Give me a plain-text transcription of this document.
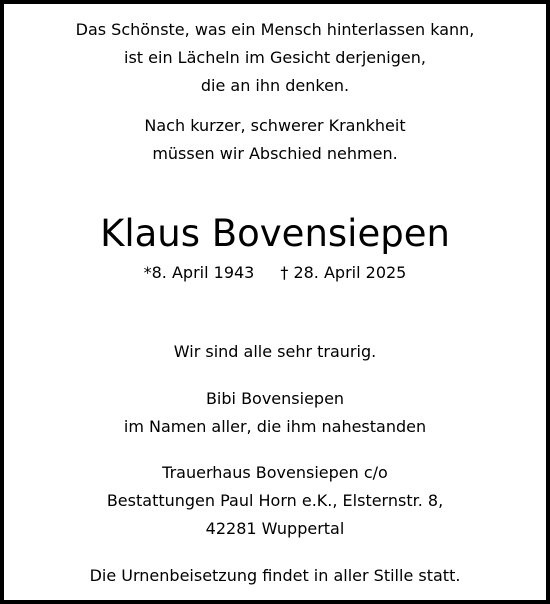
Das Schönste, was ein Mensch hinterlassen kann,
ist ein Lächeln im Gesicht derjenigen,
die an ihn denken.
Nach kurzer, schwerer Krankheit
müssen wir Abschied nehmen.
Klaus Bovensiepen
*8. April 1943 † 28. April 2025
Wir sind alle sehr traurig.
Bibi Bovensiepen
im Namen aller, die ihm nahestanden
Trauerhaus Bovensiepen c/o
Bestattungen Paul Horn e.K., Elsternstr. 8,
42281 Wuppertal
Die Urnenbeisetzung findet in aller Stille statt.
